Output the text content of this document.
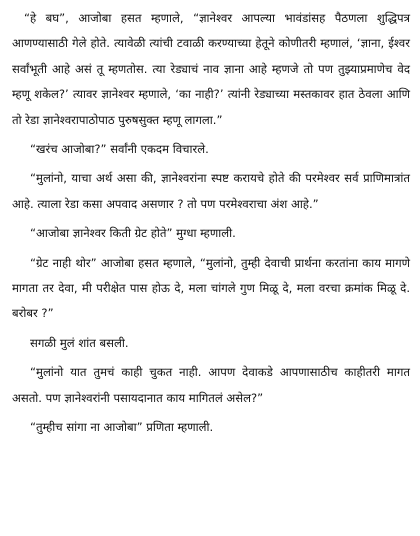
“हे बघ”, आजोबा हसत म्हणाले, “ज्ञानेश्वर आपल्या भावंडांसह पैठणला शुद्धिपत्र आणण्यासाठी गेले होते. त्यावेळी त्यांची टवाळी करण्याच्या हेतूने कोणीतरी म्हणालं, ‘ज्ञाना, ईश्वर सर्वांभूती आहे असं तू म्हणतोस. त्या रेड्याचं नाव ज्ञाना आहे म्हणजे तो पण तुझ्याप्रमाणेच वेद म्हणू शकेल?’ त्यावर ज्ञानेश्वर म्हणाले, ‘का नाही?’ त्यांनी रेड्याच्या मस्तकावर हात ठेवला आणि तो रेडा ज्ञानेश्वरापाठोपाठ पुरुषसुक्त म्हणू लागला.”

“खरंच आजोबा?” सर्वांनी एकदम विचारले.

“मुलांनो, याचा अर्थ असा की, ज्ञानेश्वरांना स्पष्ट करायचे होते की परमेश्वर सर्व प्राणिमात्रांत आहे. त्याला रेडा कसा अपवाद असणार ? तो पण परमेश्वराचा अंश आहे.”

“आजोबा ज्ञानेश्वर किती ग्रेट होते” मुग्धा म्हणाली.

“ग्रेट नाही थोर” आजोबा हसत म्हणाले, “मुलांनो, तुम्ही देवाची प्रार्थना करतांना काय मागणे मागता तर देवा, मी परीक्षेत पास होऊ दे, मला चांगले गुण मिळू दे, मला वरचा क्रमांक मिळू दे. बरोबर ?”

सगळी मुलं शांत बसली.

“मुलांनो यात तुमचं काही चुकत नाही. आपण देवाकडे आपणासाठीच काहीतरी मागत असतो. पण ज्ञानेश्वरांनी पसायदानात काय मागितलं असेल?”

“तुम्हीच सांगा ना आजोबा” प्रणिता म्हणाली.
